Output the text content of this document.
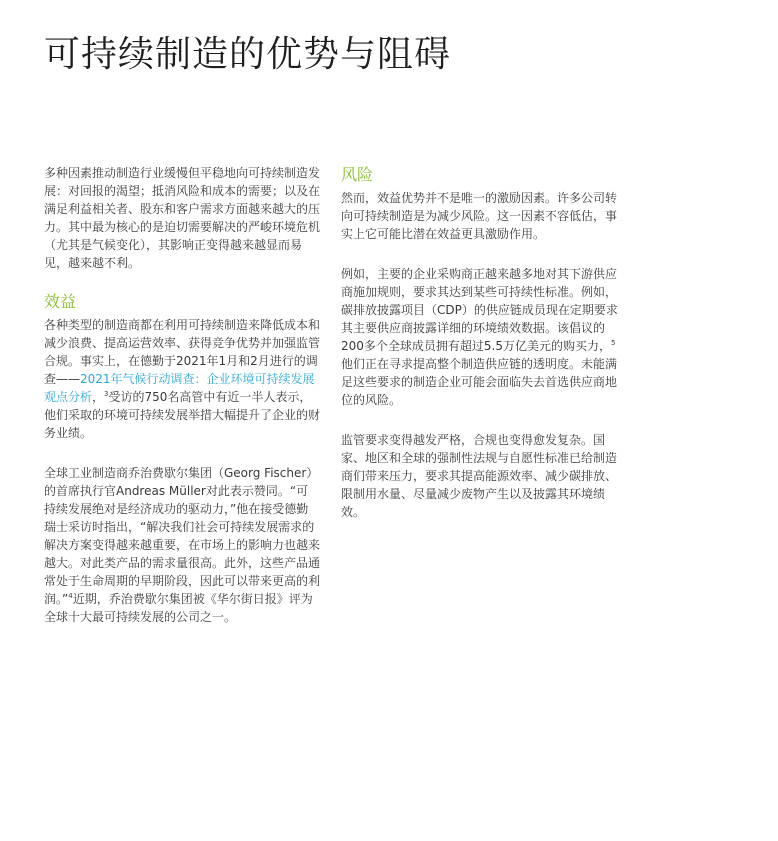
可持续制造的优势与阻碍

多种因素推动制造行业缓慢但平稳地向可持续制造发展：对回报的渴望；抵消风险和成本的需要；以及在满足利益相关者、股东和客户需求方面越来越大的压力。其中最为核心的是迫切需要解决的严峻环境危机（尤其是气候变化），其影响正变得越来越显而易见，越来越不利。

效益

各种类型的制造商都在利用可持续制造来降低成本和减少浪费、提高运营效率、获得竞争优势并加强监管合规。事实上，在德勤于2021年1月和2月进行的调查——2021年气候行动调查：企业环境可持续发展观点分析，$^3$受访的750名高管中有近一半人表示，他们采取的环境可持续发展举措大幅提升了企业的财务业绩。

全球工业制造商乔治费歇尔集团（Georg Fischer）的首席执行官Andreas Müller对此表示赞同。“可持续发展绝对是经济成功的驱动力，”他在接受德勤瑞士采访时指出，“解决我们社会可持续发展需求的解决方案变得越来越重要，在市场上的影响力也越来越大。对此类产品的需求量很高。此外，这些产品通常处于生命周期的早期阶段，因此可以带来更高的利润。”$^4$近期，乔治费歇尔集团被《华尔街日报》评为全球十大最可持续发展的公司之一。

风险

然而，效益优势并不是唯一的激励因素。许多公司转向可持续制造是为减少风险。这一因素不容低估，事实上它可能比潜在效益更具激励作用。

例如，主要的企业采购商正越来越多地对其下游供应商施加规则，要求其达到某些可持续性标准。例如，碳排放披露项目（CDP）的供应链成员现在定期要求其主要供应商披露详细的环境绩效数据。该倡议的200多个全球成员拥有超过5.5万亿美元的购买力，$^5$他们正在寻求提高整个制造供应链的透明度。未能满足这些要求的制造企业可能会面临失去首选供应商地位的风险。

监管要求变得越发严格，合规也变得愈发复杂。国家、地区和全球的强制性法规与自愿性标准已给制造商们带来压力，要求其提高能源效率、减少碳排放、限制用水量、尽量减少废物产生以及披露其环境绩效。
